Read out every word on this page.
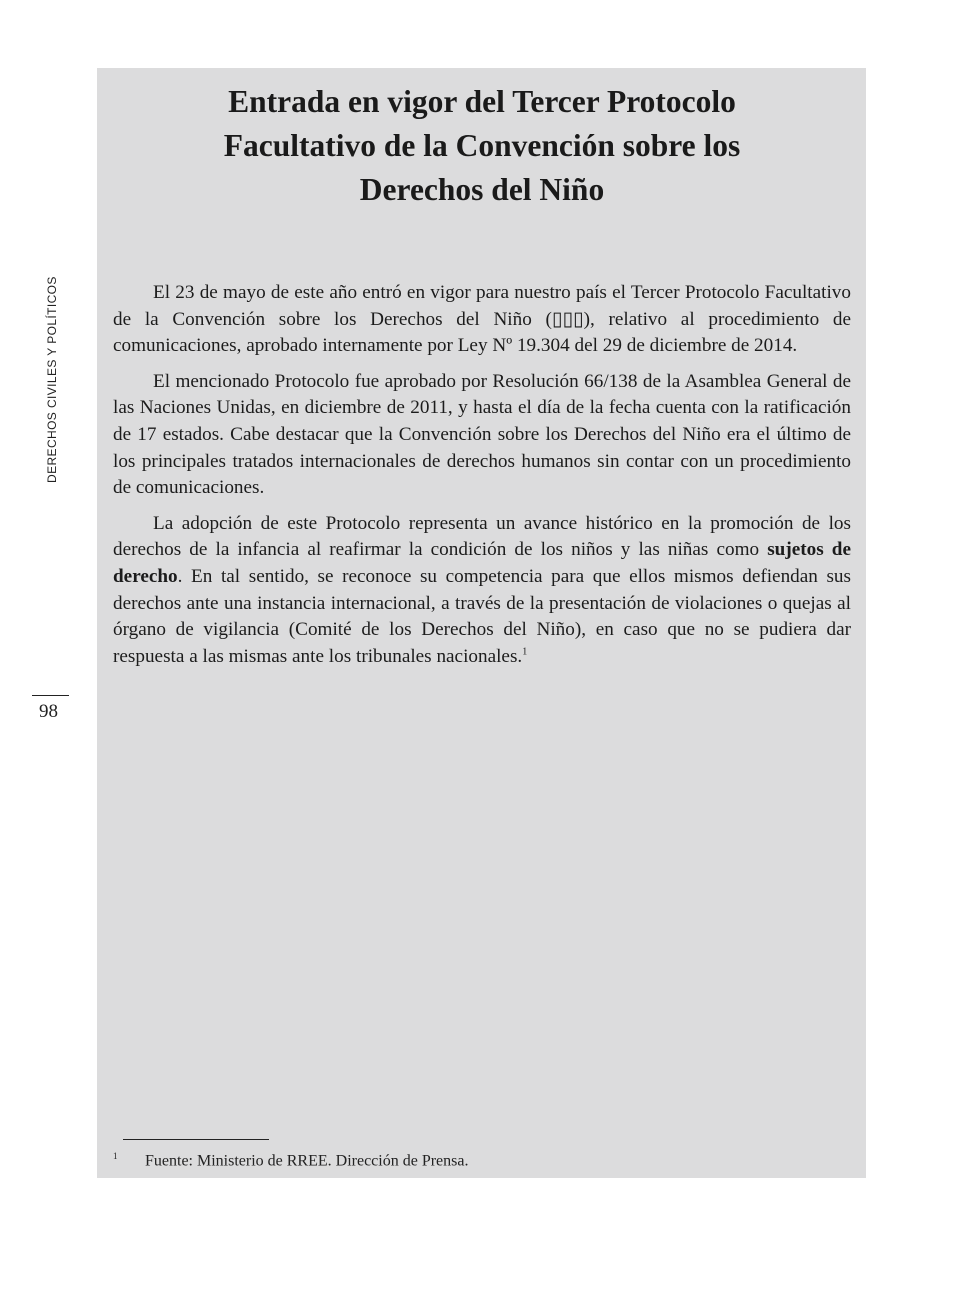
DERECHOS CIVILES Y POLÍTICOS
98
Entrada en vigor del Tercer Protocolo
Facultativo de la Convención sobre los
Derechos del Niño

El 23 de mayo de este año entró en vigor para nuestro país el Tercer Protocolo Facultativo de la Convención sobre los Derechos del Niño (▯▯▯), relativo al procedimiento de comunicaciones, aprobado internamente por Ley Nº 19.304 del 29 de diciembre de 2014.

El mencionado Protocolo fue aprobado por Resolución 66/138 de la Asamblea General de las Naciones Unidas, en diciembre de 2011, y hasta el día de la fecha cuenta con la ratificación de 17 estados. Cabe destacar que la Convención sobre los Derechos del Niño era el último de los principales tratados internacionales de derechos humanos sin contar con un procedimiento de comunicaciones.

La adopción de este Protocolo representa un avance histórico en la promoción de los derechos de la infancia al reafirmar la condición de los niños y las niñas como sujetos de derecho. En tal sentido, se reconoce su competencia para que ellos mismos defiendan sus derechos ante una instancia internacional, a través de la presentación de violaciones o quejas al órgano de vigilancia (Comité de los Derechos del Niño), en caso que no se pudiera dar respuesta a las mismas ante los tribunales nacionales.$^1$

1 Fuente: Ministerio de RREE. Dirección de Prensa.
